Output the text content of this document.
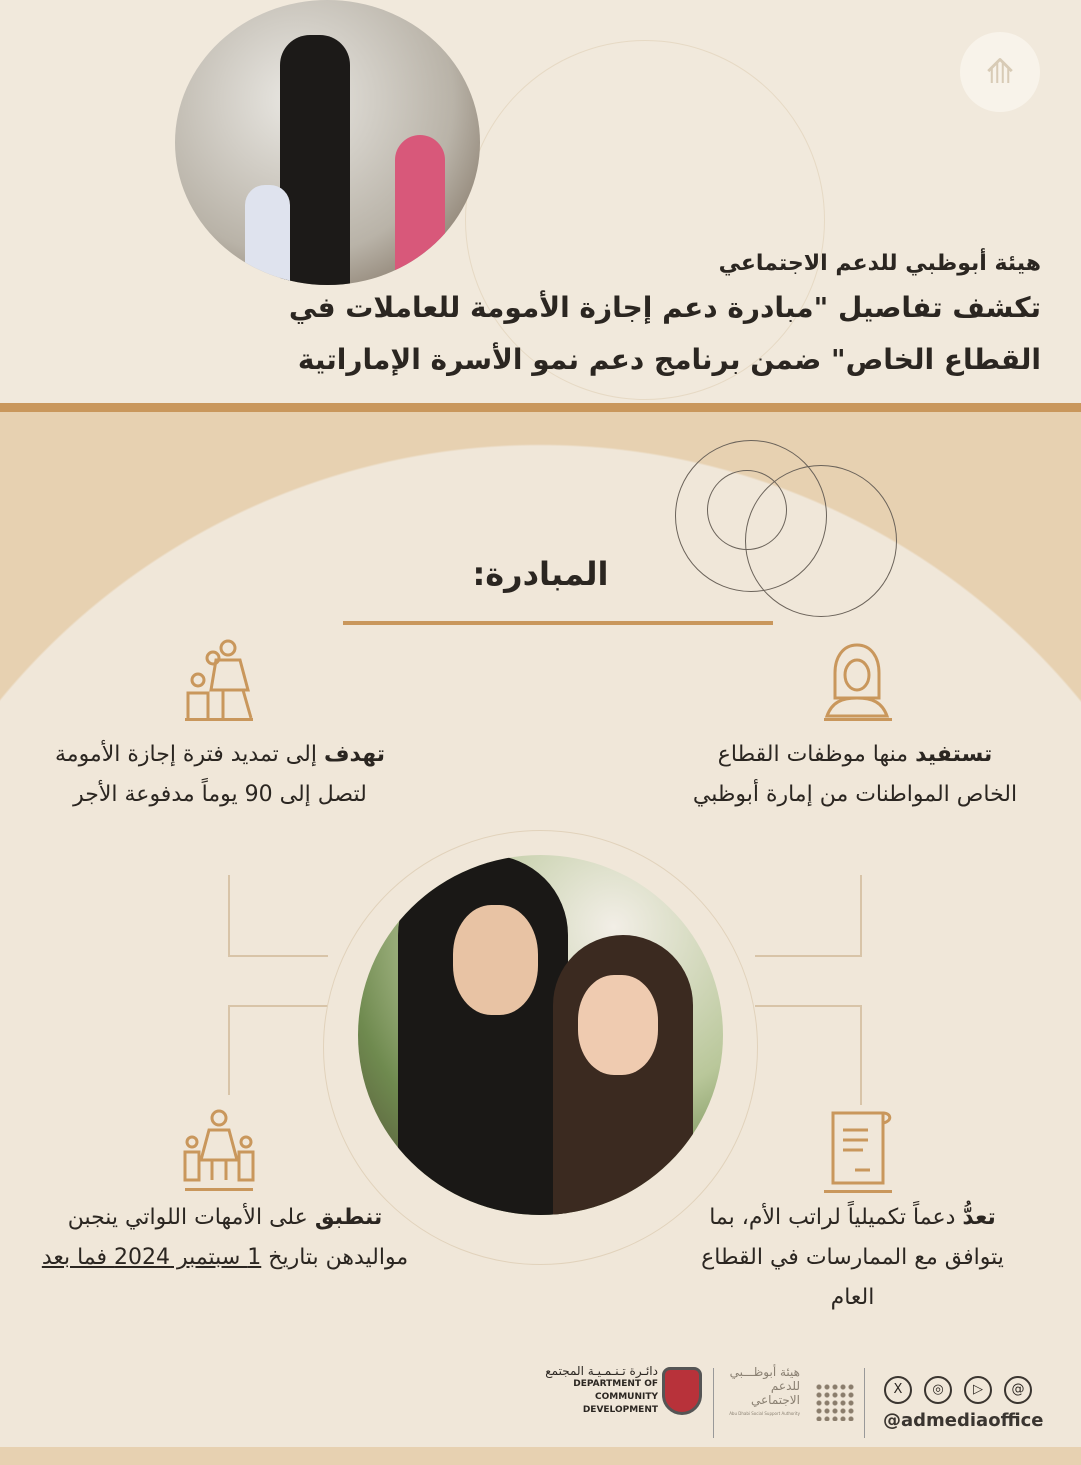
⟰
هيئة أبوظبي للدعم الاجتماعي
تكشف تفاصيل "مبادرة دعم إجازة الأمومة للعاملات في
القطاع الخاص" ضمن برنامج دعم نمو الأسرة الإماراتية
المبادرة:
تستفيد منها موظفات القطاع الخاص المواطنات من إمارة أبوظبي
تهدف إلى تمديد فترة إجازة الأمومة لتصل إلى 90 يوماً مدفوعة الأجر
تعدُّ دعماً تكميلياً لراتب الأم، بما يتوافق مع الممارسات في القطاع العام
تنطبق على الأمهات اللواتي ينجبن مواليدهن بتاريخ 1 سبتمبر 2024 فما بعد
دائـرة تـنـمـيـة المجتمع
DEPARTMENT OF COMMUNITY
DEVELOPMENT
هيئة أبوظـــبي
للدعم الاجتماعي
Abu Dhabi Social Support Authority
X ◎ ▷ @
@admediaoffice
